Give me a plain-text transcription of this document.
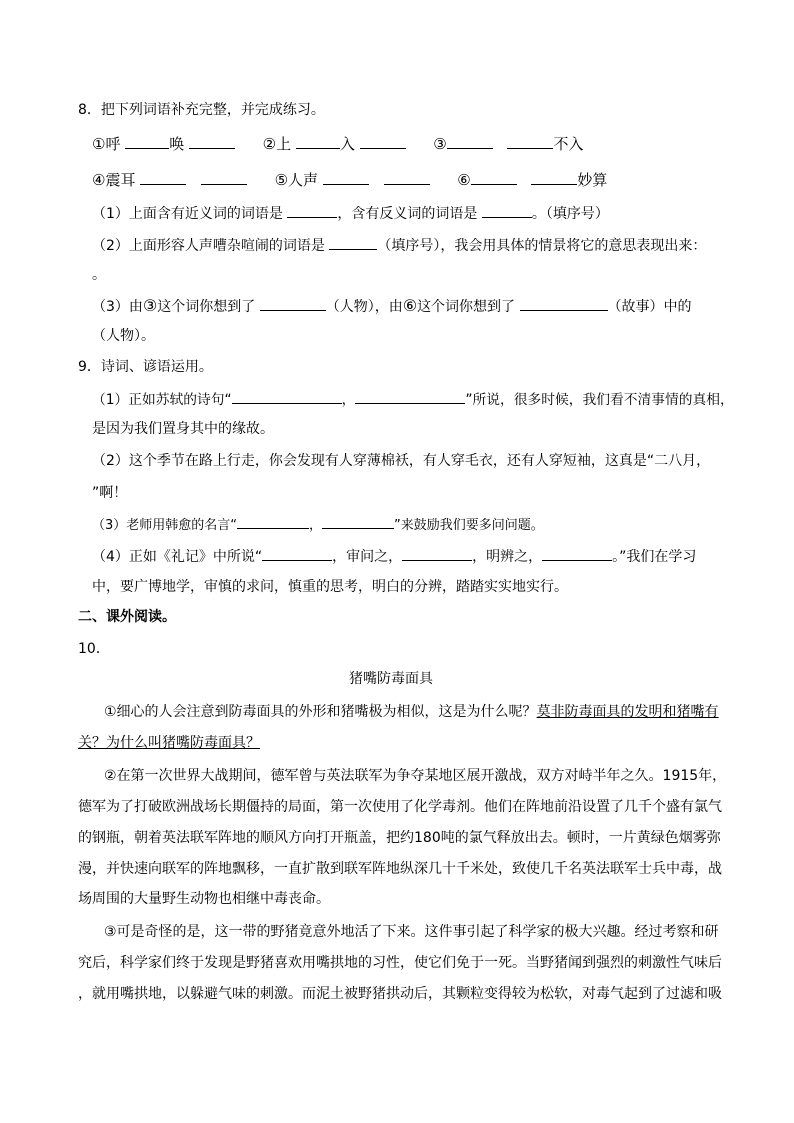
8．把下列词语补充完整，并完成练习。
①呼	唤	②上	入	③	不入
④震耳	⑤人声	⑥	妙算
（1）上面含有近义词的词语是	，含有反义词的词语是	。（填序号）
（2）上面形容人声嘈杂喧闹的词语是	（填序号），我会用具体的情景将它的意思表现出来：
。
（3）由③这个词你想到了	（人物），由⑥这个词你想到了	（故事）中的
（人物）。
9．诗词、谚语运用。
（1）正如苏轼的诗句“	，	”所说，很多时候，我们看不清事情的真相，
是因为我们置身其中的缘故。
（2）这个季节在路上行走，你会发现有人穿薄棉袄，有人穿毛衣，还有人穿短袖，这真是“二八月，
”啊！
（3）老师用韩愈的名言“	，	”来鼓励我们要多问问题。
（4）正如《礼记》中所说“	，审问之，	，明辨之，	。”我们在学习
中，要广博地学，审慎的求问，慎重的思考，明白的分辨，踏踏实实地实行。
二、课外阅读。
10．
猪嘴防毒面具
①细心的人会注意到防毒面具的外形和猪嘴极为相似，这是为什么呢？莫非防毒面具的发明和猪嘴有
关？为什么叫猪嘴防毒面具？
②在第一次世界大战期间，德军曾与英法联军为争夺某地区展开激战，双方对峙半年之久。1915年，
德军为了打破欧洲战场长期僵持的局面，第一次使用了化学毒剂。他们在阵地前沿设置了几千个盛有氯气
的钢瓶，朝着英法联军阵地的顺风方向打开瓶盖，把约180吨的氯气释放出去。顿时，一片黄绿色烟雾弥
漫，并快速向联军的阵地飘移，一直扩散到联军阵地纵深几十千米处，致使几千名英法联军士兵中毒，战
场周围的大量野生动物也相继中毒丧命。
③可是奇怪的是，这一带的野猪竟意外地活了下来。这件事引起了科学家的极大兴趣。经过考察和研
究后，科学家们终于发现是野猪喜欢用嘴拱地的习性，使它们免于一死。当野猪闻到强烈的刺激性气味后
，就用嘴拱地，以躲避气味的刺激。而泥土被野猪拱动后，其颗粒变得较为松软，对毒气起到了过滤和吸
